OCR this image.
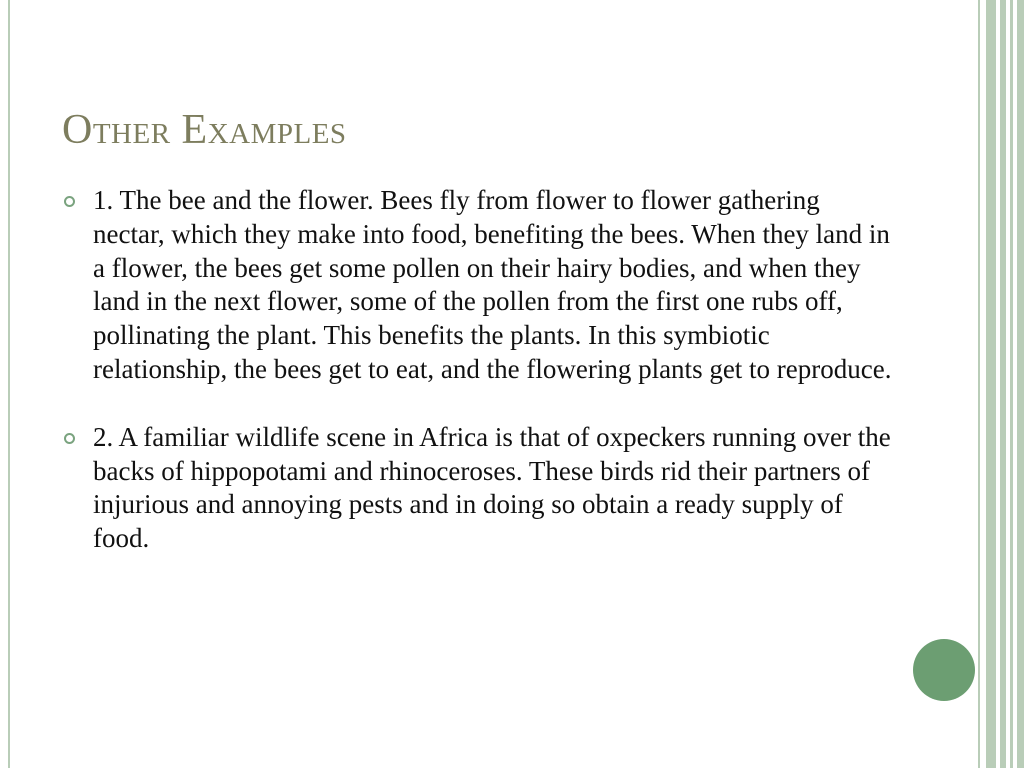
Other Examples
1. The bee and the flower. Bees fly from flower to flower gathering nectar, which they make into food, benefiting the bees. When they land in a flower, the bees get some pollen on their hairy bodies, and when they land in the next flower, some of the pollen from the first one rubs off, pollinating the plant. This benefits the plants. In this symbiotic relationship, the bees get to eat, and the flowering plants get to reproduce.
2. A familiar wildlife scene in Africa is that of oxpeckers running over the backs of hippopotami and rhinoceroses. These birds rid their partners of injurious and annoying pests and in doing so obtain a ready supply of food.
